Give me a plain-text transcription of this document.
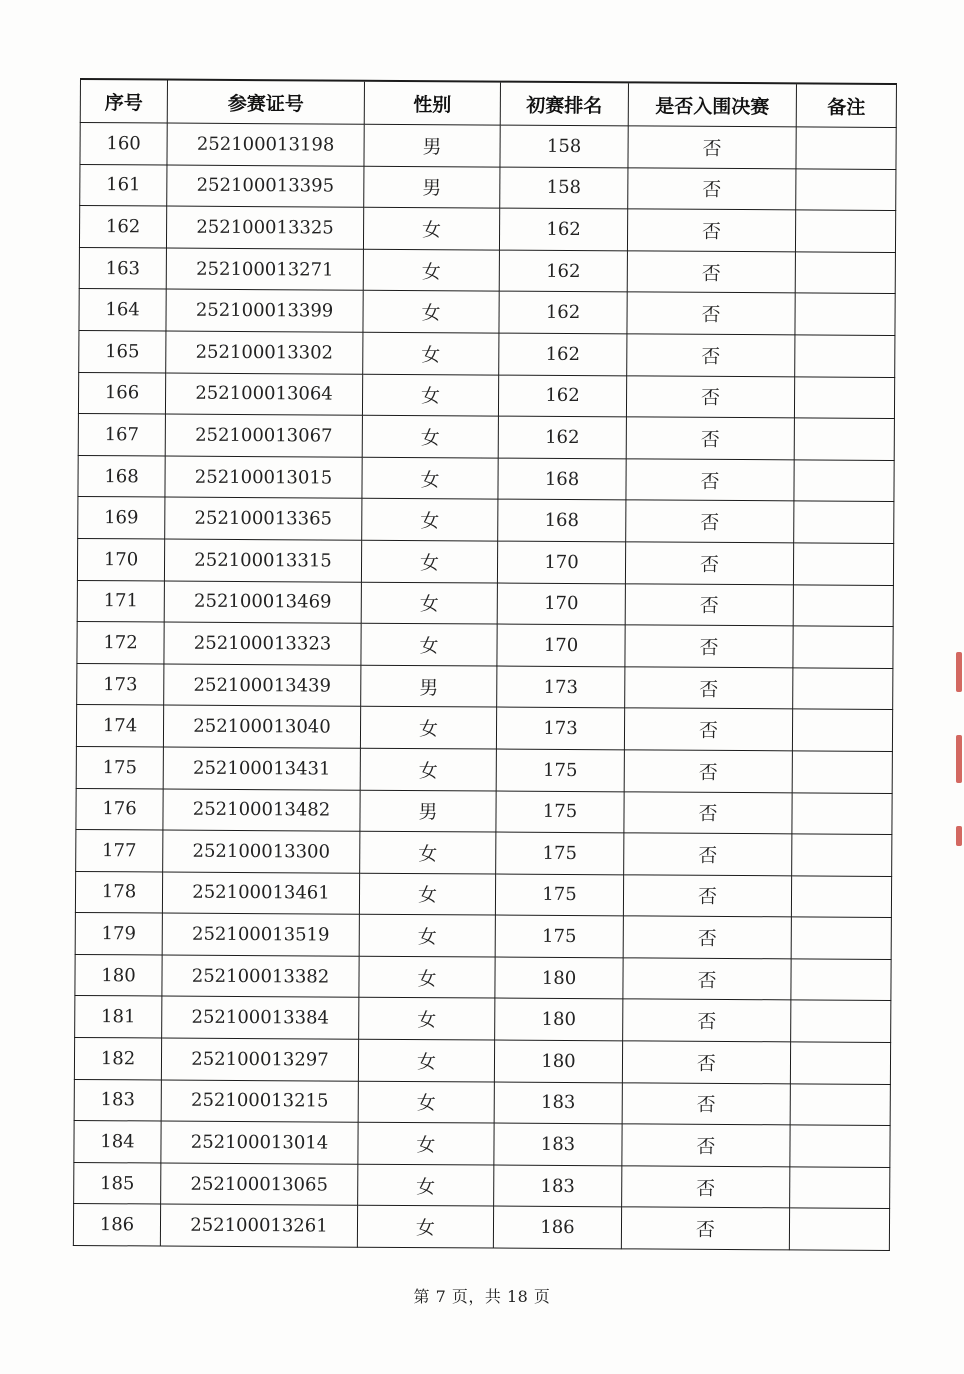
序号	参赛证号	性别	初赛排名	是否入围决赛	备注
160	252100013198	男	158	否	
161	252100013395	男	158	否	
162	252100013325	女	162	否	
163	252100013271	女	162	否	
164	252100013399	女	162	否	
165	252100013302	女	162	否	
166	252100013064	女	162	否	
167	252100013067	女	162	否	
168	252100013015	女	168	否	
169	252100013365	女	168	否	
170	252100013315	女	170	否	
171	252100013469	女	170	否	
172	252100013323	女	170	否	
173	252100013439	男	173	否	
174	252100013040	女	173	否	
175	252100013431	女	175	否	
176	252100013482	男	175	否	
177	252100013300	女	175	否	
178	252100013461	女	175	否	
179	252100013519	女	175	否	
180	252100013382	女	180	否	
181	252100013384	女	180	否	
182	252100013297	女	180	否	
183	252100013215	女	183	否	
184	252100013014	女	183	否	
185	252100013065	女	183	否	
186	252100013261	女	186	否	
第 7 页，共 18 页
